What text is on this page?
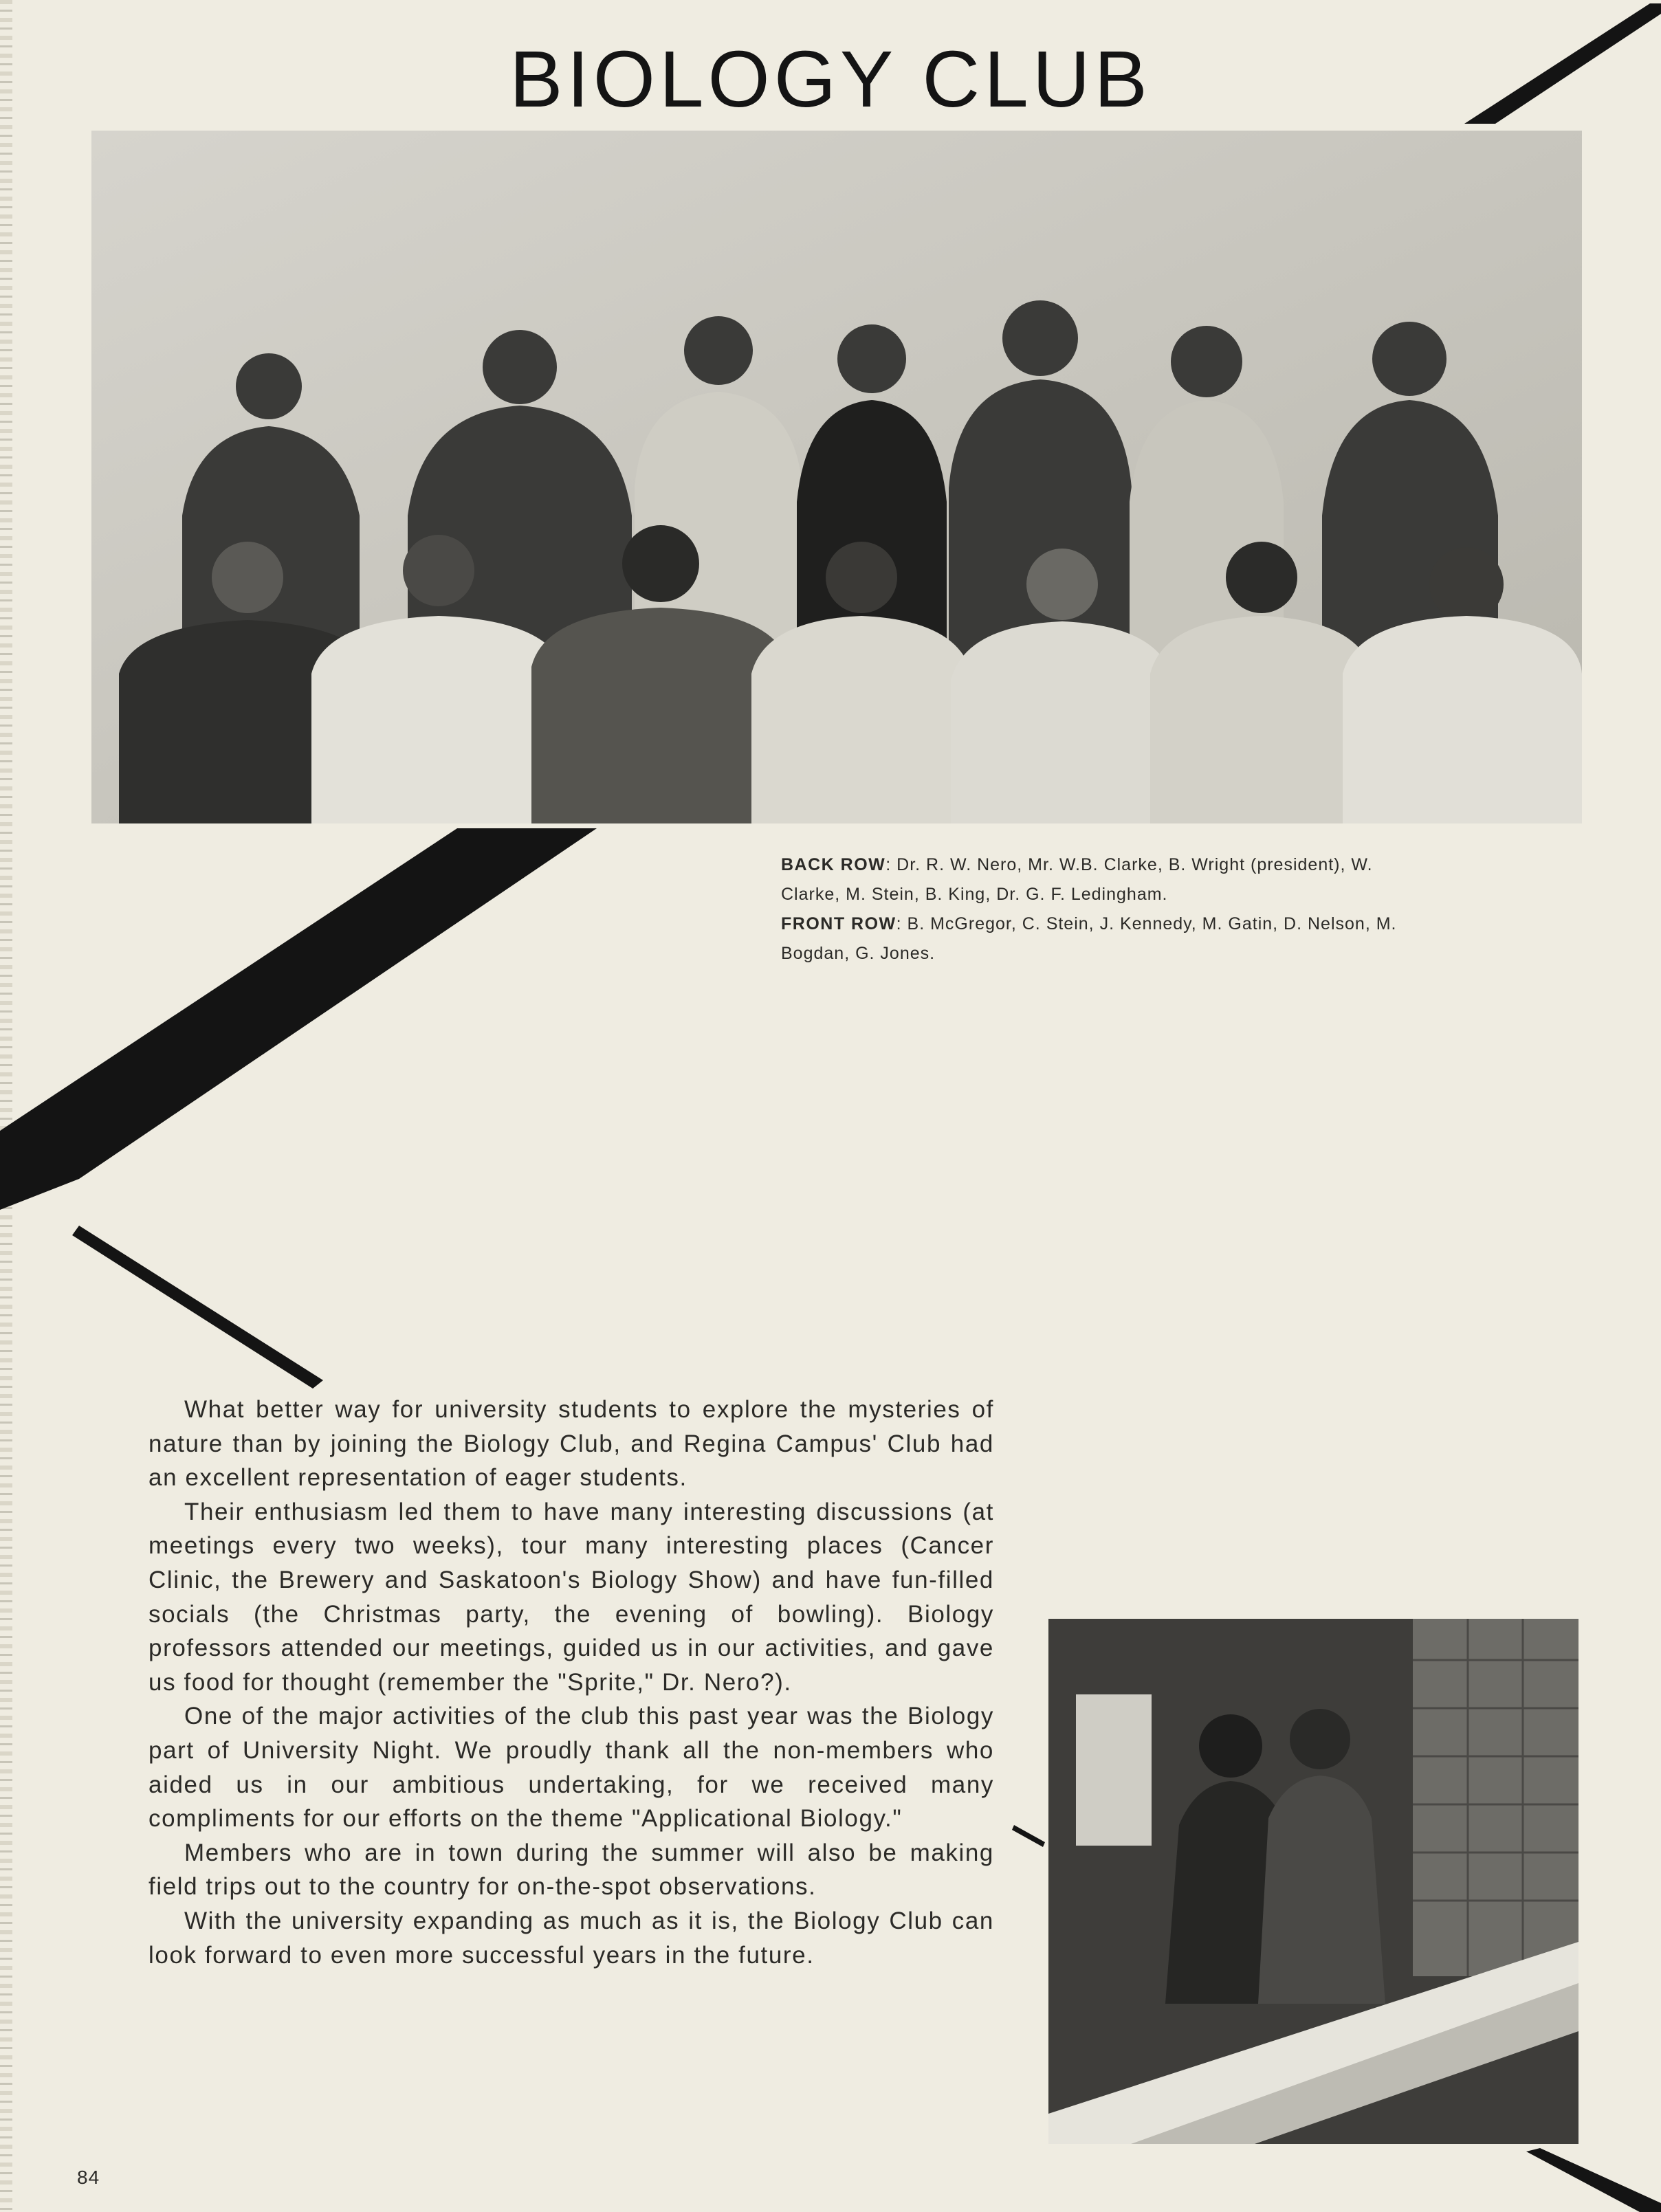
BIOLOGY CLUB

BACK ROW: Dr. R. W. Nero, Mr. W.B. Clarke, B. Wright (president), W. Clarke, M. Stein, B. King, Dr. G. F. Ledingham.

FRONT ROW: B. McGregor, C. Stein, J. Kennedy, M. Gatin, D. Nelson, M. Bogdan, G. Jones.

What better way for university students to explore the mysteries of nature than by joining the Biology Club, and Regina Campus' Club had an excellent representation of eager students.

Their enthusiasm led them to have many interesting discussions (at meetings every two weeks), tour many interesting places (Cancer Clinic, the Brewery and Saskatoon's Biology Show) and have fun-filled socials (the Christmas party, the evening of bowling). Biology professors attended our meetings, guided us in our activities, and gave us food for thought (remember the "Sprite," Dr. Nero?).

One of the major activities of the club this past year was the Biology part of University Night. We proudly thank all the non-members who aided us in our ambitious undertaking, for we received many compliments for our efforts on the theme "Applicational Biology."

Members who are in town during the summer will also be making field trips out to the country for on-the-spot observations.

With the university expanding as much as it is, the Biology Club can look forward to even more successful years in the future.

84
